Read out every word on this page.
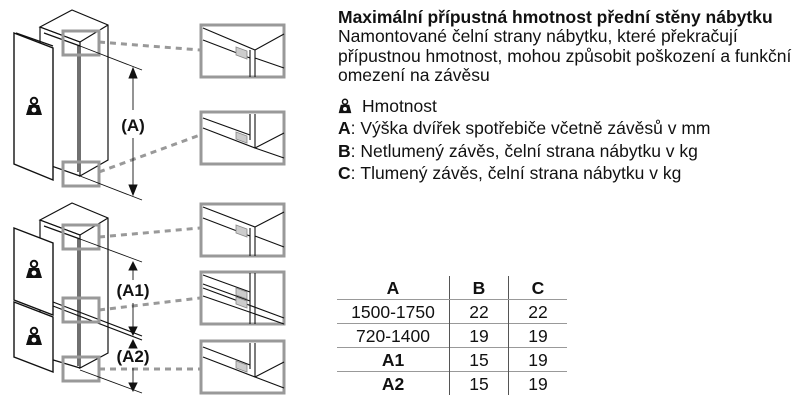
(A)
(A1)
(A2)

Maximální přípustná hmotnost přední stěny nábytku

Namontované čelní strany nábytku, které překračují přípustnou hmotnost, mohou způsobit poškození a funkční omezení na závěsu

Hmotnost
A : Výška dvířek spotřebiče včetně závěsů v mm
B : Netlumený závěs, čelní strana nábytku v kg
C : Tlumený závěs, čelní strana nábytku v kg
A	B	C
1500-1750	22	22
720-1400	19	19
A1	15	19
A2	15	19
